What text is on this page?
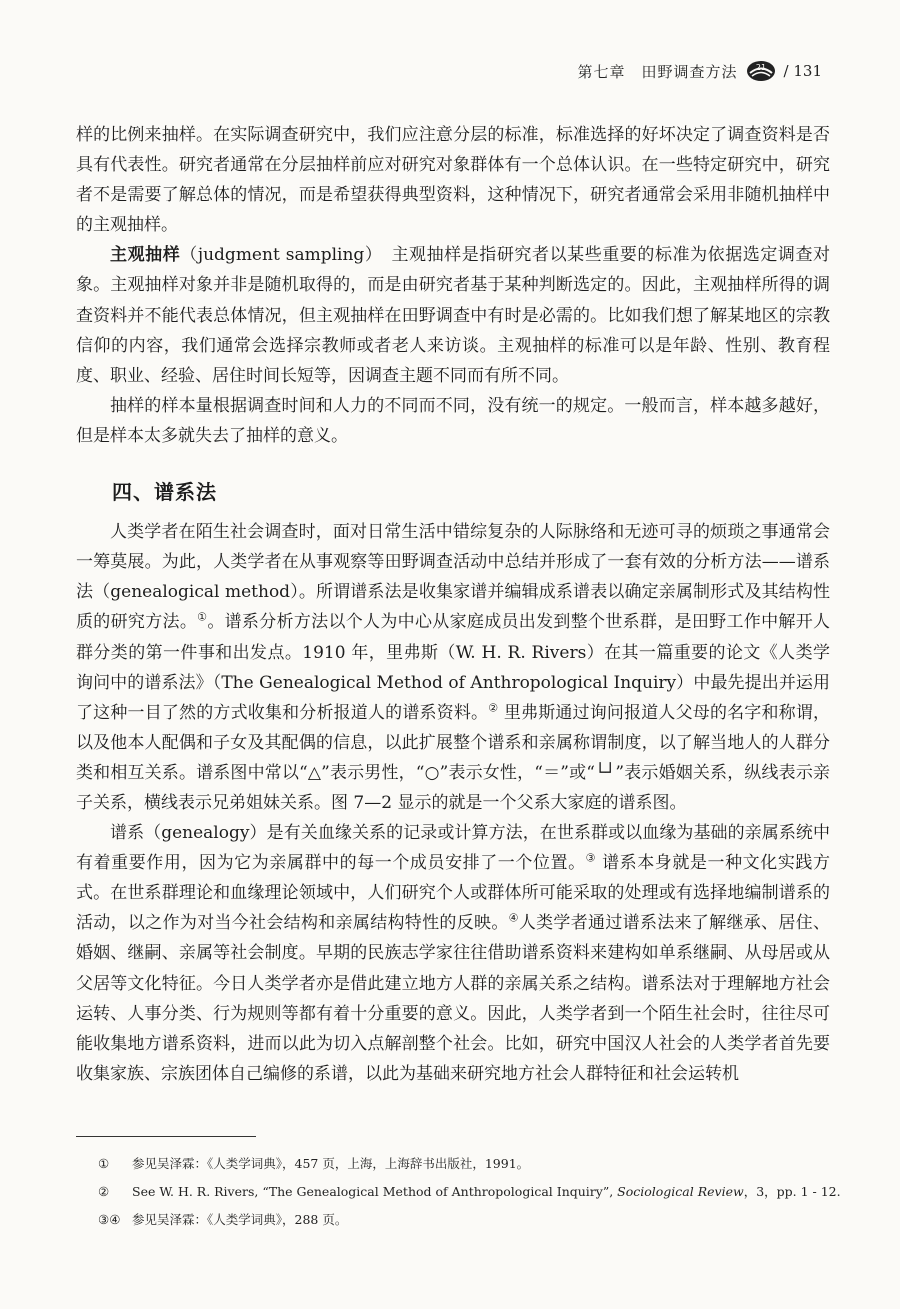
第七章　田野调查方法 21 / 131

样的比例来抽样。在实际调查研究中，我们应注意分层的标准，标准选择的好坏决定了调查资料是否具有代表性。研究者通常在分层抽样前应对研究对象群体有一个总体认识。在一些特定研究中，研究者不是需要了解总体的情况，而是希望获得典型资料，这种情况下，研究者通常会采用非随机抽样中的主观抽样。

主观抽样（judgment sampling）　主观抽样是指研究者以某些重要的标准为依据选定调查对象。主观抽样对象并非是随机取得的，而是由研究者基于某种判断选定的。因此，主观抽样所得的调查资料并不能代表总体情况，但主观抽样在田野调查中有时是必需的。比如我们想了解某地区的宗教信仰的内容，我们通常会选择宗教师或者老人来访谈。主观抽样的标准可以是年龄、性别、教育程度、职业、经验、居住时间长短等，因调查主题不同而有所不同。

抽样的样本量根据调查时间和人力的不同而不同，没有统一的规定。一般而言，样本越多越好，但是样本太多就失去了抽样的意义。

四、谱系法

人类学者在陌生社会调查时，面对日常生活中错综复杂的人际脉络和无迹可寻的烦琐之事通常会一筹莫展。为此，人类学者在从事观察等田野调查活动中总结并形成了一套有效的分析方法——谱系法（genealogical method）。所谓谱系法是收集家谱并编辑成系谱表以确定亲属制形式及其结构性质的研究方法。①。谱系分析方法以个人为中心从家庭成员出发到整个世系群，是田野工作中解开人群分类的第一件事和出发点。1910 年，里弗斯（W. H. R. Rivers）在其一篇重要的论文《人类学询问中的谱系法》（The Genealogical Method of Anthropological Inquiry）中最先提出并运用了这种一目了然的方式收集和分析报道人的谱系资料。② 里弗斯通过询问报道人父母的名字和称谓，以及他本人配偶和子女及其配偶的信息，以此扩展整个谱系和亲属称谓制度，以了解当地人的人群分类和相互关系。谱系图中常以“△”表示男性，“○”表示女性，“＝”或“└┘”表示婚姻关系，纵线表示亲子关系，横线表示兄弟姐妹关系。图 7—2 显示的就是一个父系大家庭的谱系图。

谱系（genealogy）是有关血缘关系的记录或计算方法，在世系群或以血缘为基础的亲属系统中有着重要作用，因为它为亲属群中的每一个成员安排了一个位置。③ 谱系本身就是一种文化实践方式。在世系群理论和血缘理论领域中，人们研究个人或群体所可能采取的处理或有选择地编制谱系的活动，以之作为对当今社会结构和亲属结构特性的反映。④人类学者通过谱系法来了解继承、居住、婚姻、继嗣、亲属等社会制度。早期的民族志学家往往借助谱系资料来建构如单系继嗣、从母居或从父居等文化特征。今日人类学者亦是借此建立地方人群的亲属关系之结构。谱系法对于理解地方社会运转、人事分类、行为规则等都有着十分重要的意义。因此，人类学者到一个陌生社会时，往往尽可能收集地方谱系资料，进而以此为切入点解剖整个社会。比如，研究中国汉人社会的人类学者首先要收集家族、宗族团体自己编修的系谱，以此为基础来研究地方社会人群特征和社会运转机

① 参见吴泽霖：《人类学词典》，457 页，上海，上海辞书出版社，1991。
② See W. H. R. Rivers, “The Genealogical Method of Anthropological Inquiry”, Sociological Review，3，pp. 1 - 12.
③④ 参见吴泽霖：《人类学词典》，288 页。
